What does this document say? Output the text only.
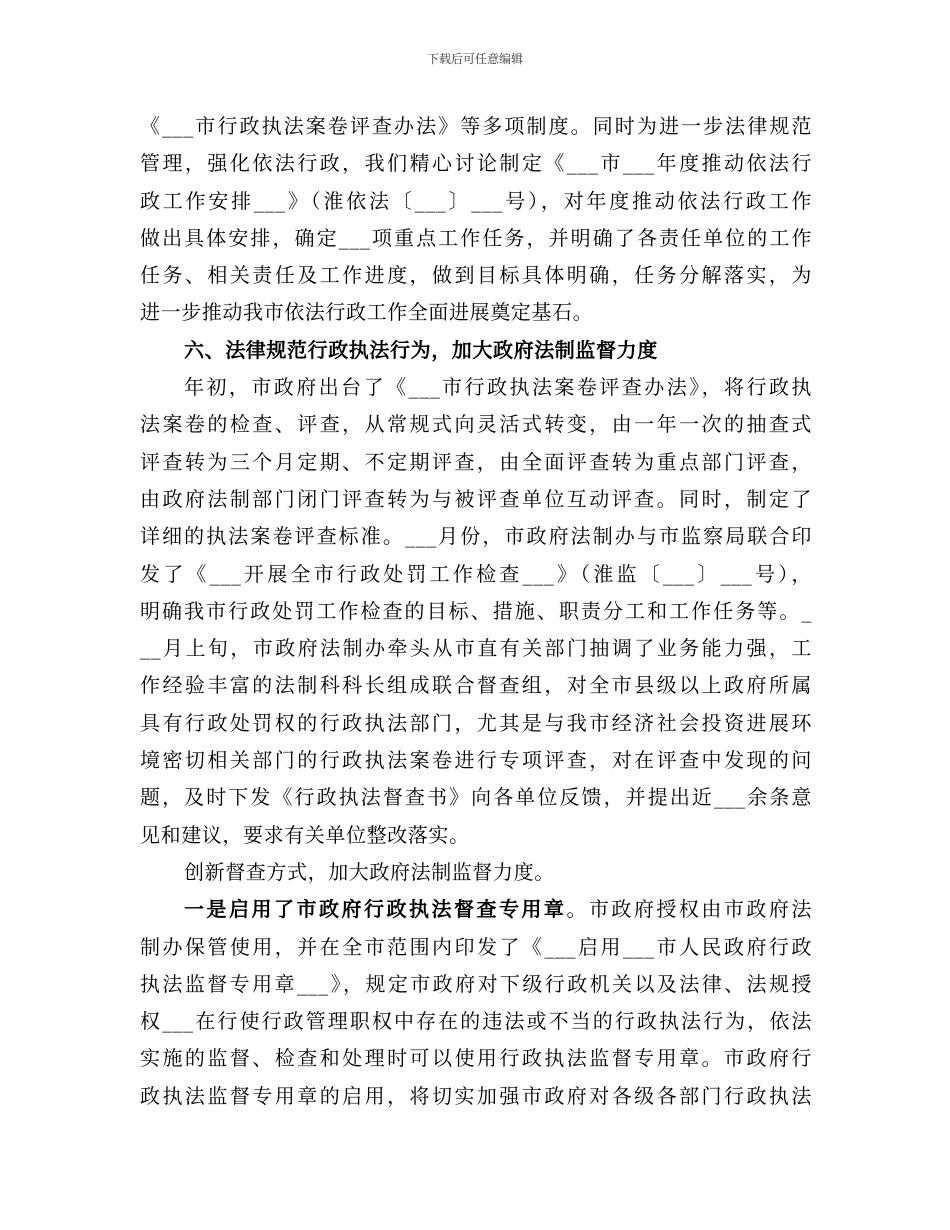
下载后可任意编辑
《___市行政执法案卷评查办法》等多项制度。同时为进一步法律规范
管理，强化依法行政，我们精心讨论制定《___市___年度推动依法行
政工作安排___》（淮依法〔___〕___号），对年度推动依法行政工作
做出具体安排，确定___项重点工作任务，并明确了各责任单位的工作
任务、相关责任及工作进度，做到目标具体明确，任务分解落实，为
进一步推动我市依法行政工作全面进展奠定基石。
六、法律规范行政执法行为，加大政府法制监督力度
年初，市政府出台了《___市行政执法案卷评查办法》，将行政执
法案卷的检查、评查，从常规式向灵活式转变，由一年一次的抽查式
评查转为三个月定期、不定期评查，由全面评查转为重点部门评查，
由政府法制部门闭门评查转为与被评查单位互动评查。同时，制定了
详细的执法案卷评查标准。___月份，市政府法制办与市监察局联合印
发了《___开展全市行政处罚工作检查___》（淮监〔___〕___号），
明确我市行政处罚工作检查的目标、措施、职责分工和工作任务等。_
__月上旬，市政府法制办牵头从市直有关部门抽调了业务能力强，工
作经验丰富的法制科科长组成联合督查组，对全市县级以上政府所属
具有行政处罚权的行政执法部门，尤其是与我市经济社会投资进展环
境密切相关部门的行政执法案卷进行专项评查，对在评查中发现的问
题，及时下发《行政执法督查书》向各单位反馈，并提出近___余条意
见和建议，要求有关单位整改落实。
创新督查方式，加大政府法制监督力度。
一是启用了市政府行政执法督查专用章。市政府授权由市政府法
制办保管使用，并在全市范围内印发了《___启用___市人民政府行政
执法监督专用章___》，规定市政府对下级行政机关以及法律、法规授
权___在行使行政管理职权中存在的违法或不当的行政执法行为，依法
实施的监督、检查和处理时可以使用行政执法监督专用章。市政府行
政执法监督专用章的启用，将切实加强市政府对各级各部门行政执法
